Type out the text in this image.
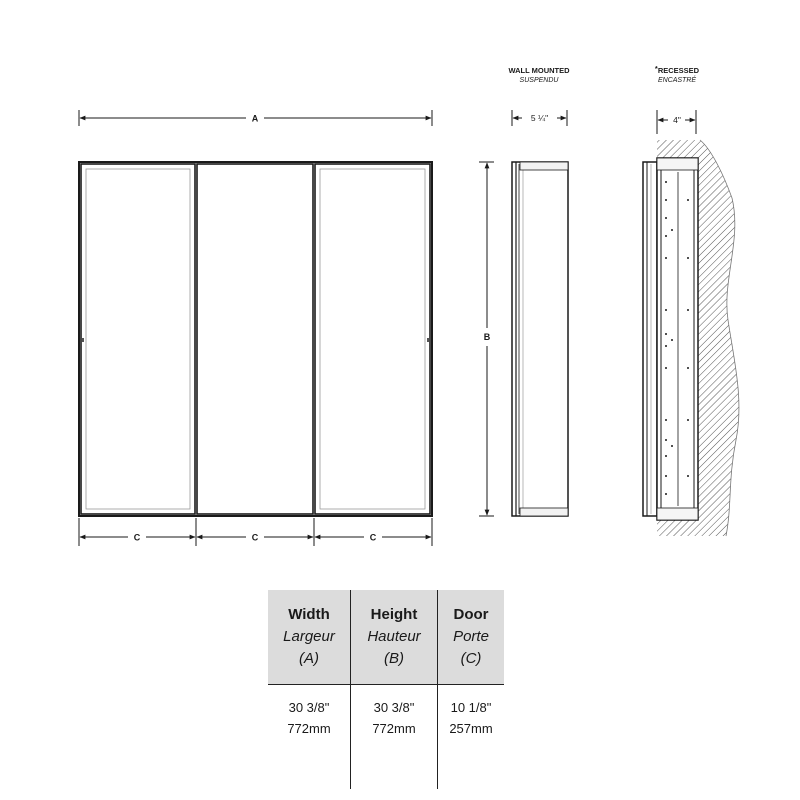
A
C	C	C
WALL MOUNTED
SUSPENDU
5 ¼"
B
*RECESSED
ENCASTRÉ
4"
Width
Largeur
(A)	Height
Hauteur
(B)	Door
Porte
(C)

30 3/8"
772mm	30 3/8"
772mm	10 1/8"
257mm
